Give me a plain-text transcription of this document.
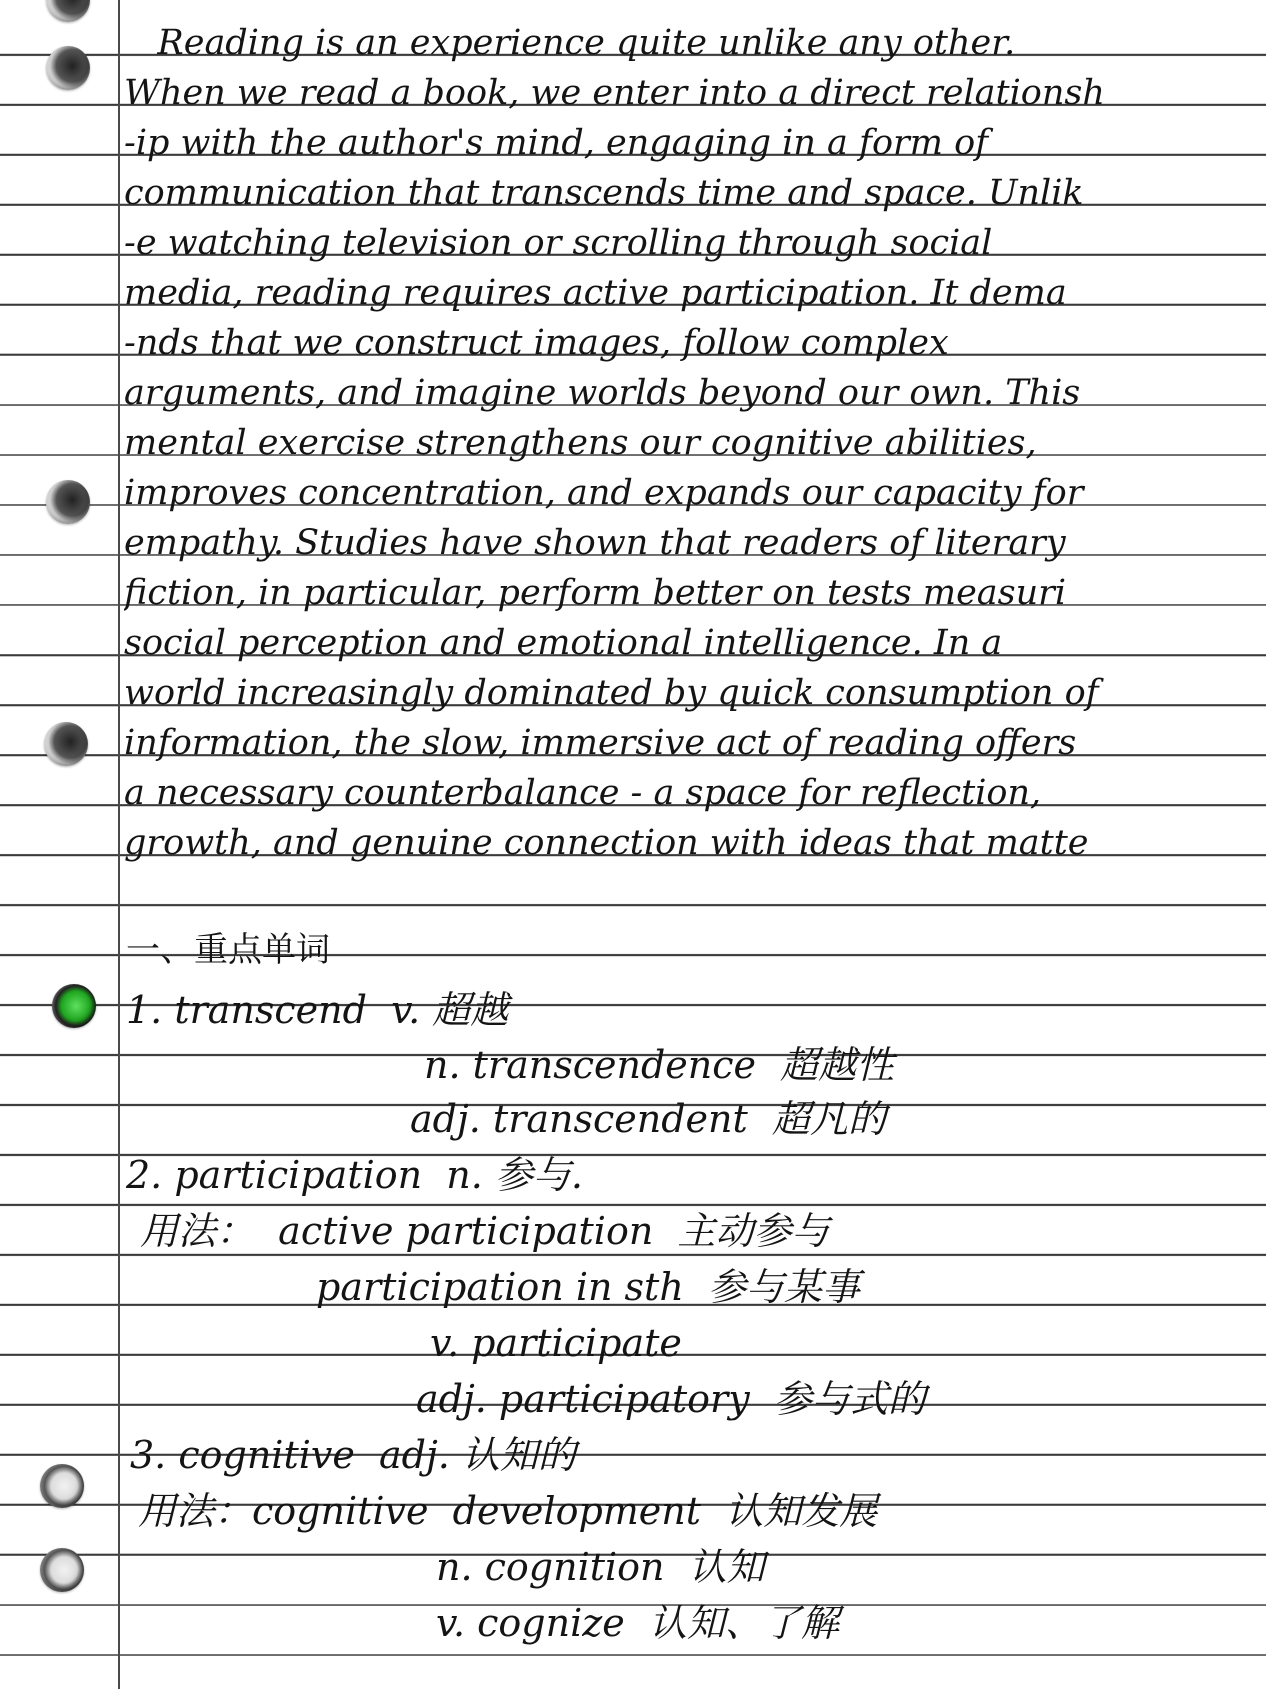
Reading is an experience quite unlike any other.

When we read a book, we enter into a direct relationsh

-ip with the author's mind, engaging in a form of

communication that transcends time and space. Unlik

-e watching television or scrolling through social

media, reading requires active participation. It dema

-nds that we construct images, follow complex

arguments, and imagine worlds beyond our own. This

mental exercise strengthens our cognitive abilities,

improves concentration, and expands our capacity for

empathy. Studies have shown that readers of literary

fiction, in particular, perform better on tests measuri

social perception and emotional intelligence. In a

world increasingly dominated by quick consumption of

information, the slow, immersive act of reading offers

a necessary counterbalance - a space for reflection,

growth, and genuine connection with ideas that matte

一、重点单词

1. transcend  v. 超越

n. transcendence  超越性

adj. transcendent  超凡的

2. participation  n. 参与.

用法：  active participation  主动参与

participation in sth  参与某事

v. participate

adj. participatory  参与式的

3. cognitive  adj. 认知的

用法：cognitive  development  认知发展

n. cognition  认知

v. cognize  认知、了解
